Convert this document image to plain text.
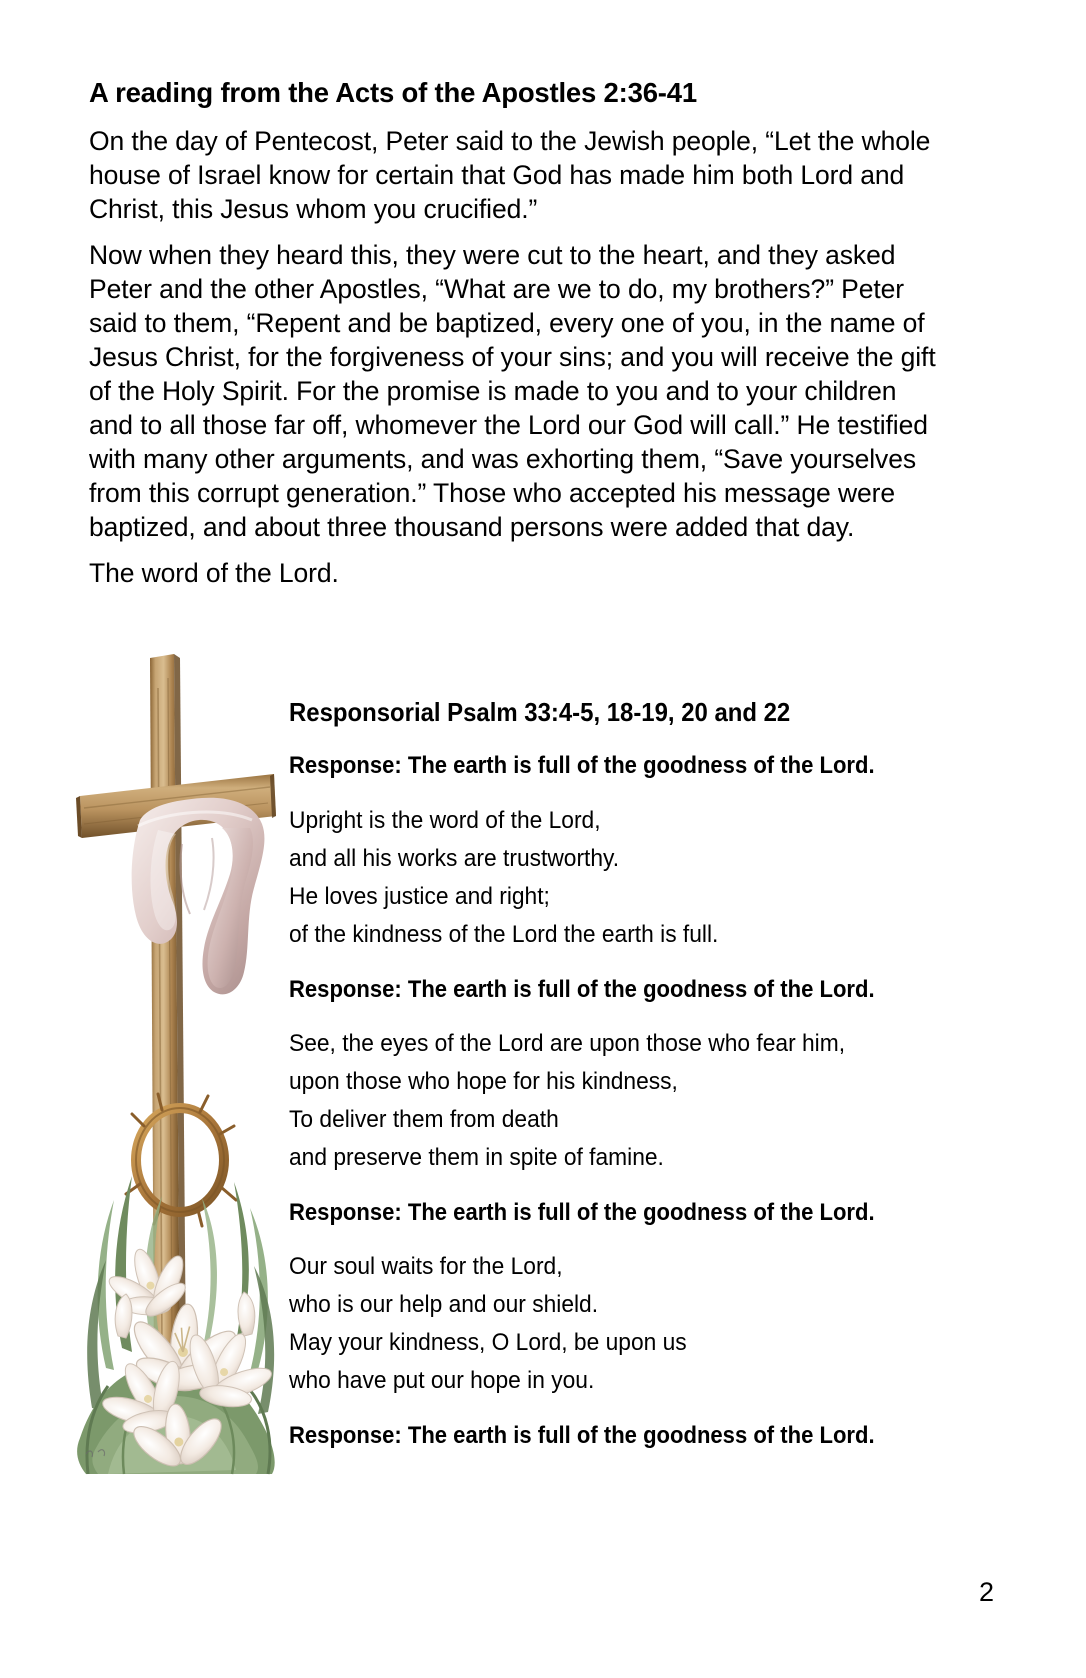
A reading from the Acts of the Apostles 2:36-41

On the day of Pentecost, Peter said to the Jewish people, “Let the whole house of Israel know for certain that God has made him both Lord and Christ, this Jesus whom you crucified.”

Now when they heard this, they were cut to the heart, and they asked Peter and the other Apostles, “What are we to do, my brothers?” Peter said to them, “Repent and be baptized, every one of you, in the name of Jesus Christ, for the forgiveness of your sins; and you will receive the gift of the Holy Spirit. For the promise is made to you and to your children and to all those far off, whomever the Lord our God will call.” He testified with many other arguments, and was exhorting them, “Save yourselves from this corrupt generation.” Those who accepted his message were baptized, and about three thousand persons were added that day.

The word of the Lord.

Responsorial Psalm 33:4-5, 18-19, 20 and 22

Response: The earth is full of the goodness of the Lord.

Upright is the word of the Lord,
and all his works are trustworthy.
He loves justice and right;
of the kindness of the Lord the earth is full.

Response: The earth is full of the goodness of the Lord.

See, the eyes of the Lord are upon those who fear him,
upon those who hope for his kindness,
To deliver them from death
and preserve them in spite of famine.

Response: The earth is full of the goodness of the Lord.

Our soul waits for the Lord,
who is our help and our shield.
May your kindness, O Lord, be upon us
who have put our hope in you.

Response: The earth is full of the goodness of the Lord.

2
